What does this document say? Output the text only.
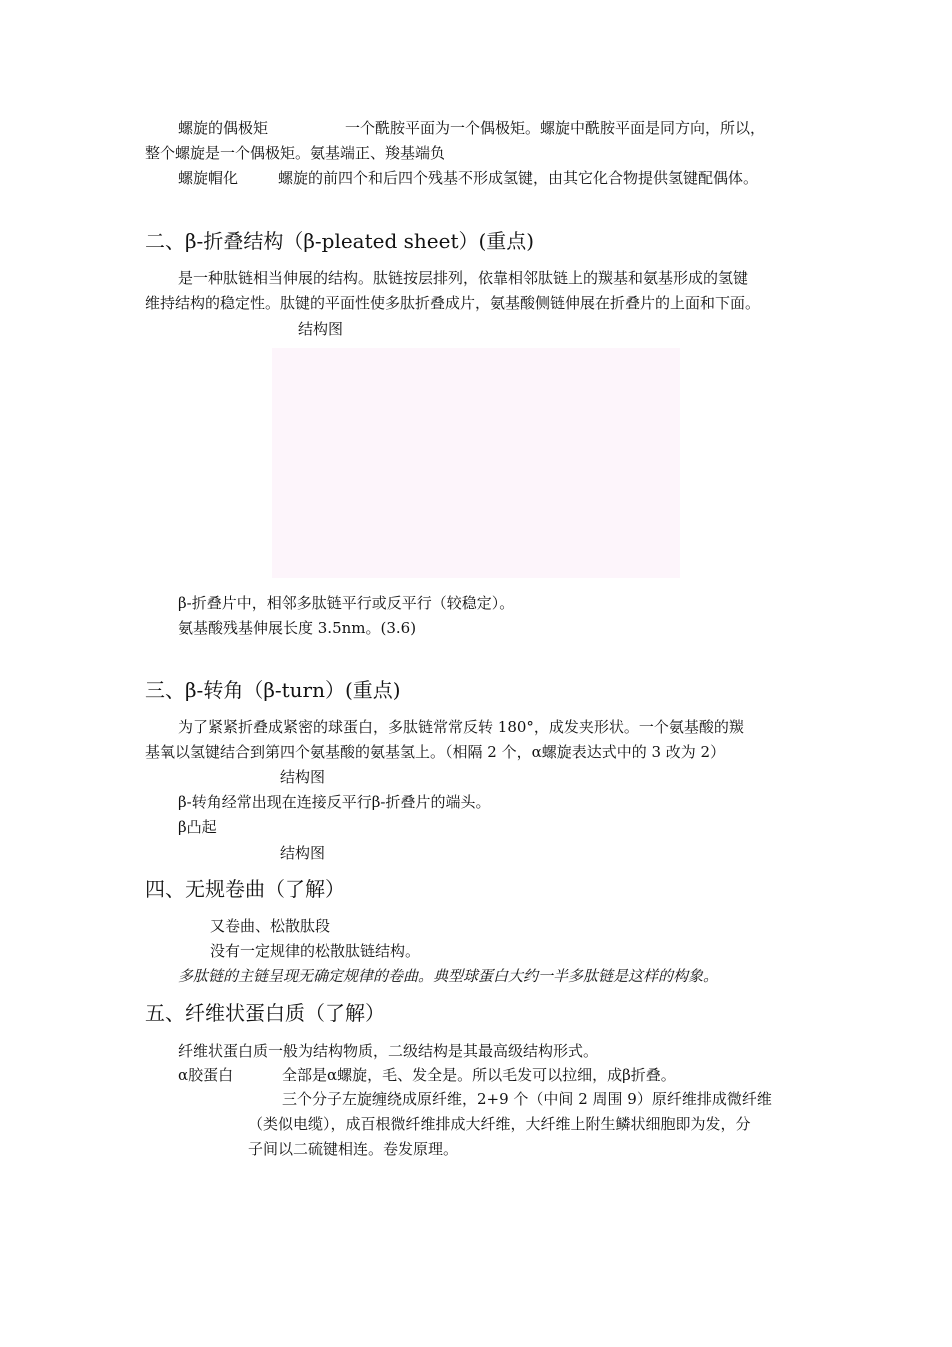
螺旋的偶极矩	一个酰胺平面为一个偶极矩。螺旋中酰胺平面是同方向，所以，
整个螺旋是一个偶极矩。氨基端正、羧基端负
螺旋帽化	螺旋的前四个和后四个残基不形成氢键，由其它化合物提供氢键配偶体。
二、β-折叠结构（β-pleated sheet）(重点)
是一种肽链相当伸展的结构。肽链按层排列，依靠相邻肽链上的羰基和氨基形成的氢键
维持结构的稳定性。肽键的平面性使多肽折叠成片，氨基酸侧链伸展在折叠片的上面和下面。
结构图
β-折叠片中，相邻多肽链平行或反平行（较稳定）。
氨基酸残基伸展长度 3.5nm。(3.6)
三、β-转角（β-turn）(重点)
为了紧紧折叠成紧密的球蛋白，多肽链常常反转 180°，成发夹形状。一个氨基酸的羰
基氧以氢键结合到第四个氨基酸的氨基氢上。（相隔 2 个，α螺旋表达式中的 3 改为 2）
结构图
β-转角经常出现在连接反平行β-折叠片的端头。
β凸起
结构图
四、无规卷曲（了解）
又卷曲、松散肽段
没有一定规律的松散肽链结构。
多肽链的主链呈现无确定规律的卷曲。典型球蛋白大约一半多肽链是这样的构象。
五、纤维状蛋白质（了解）
纤维状蛋白质一般为结构物质，二级结构是其最高级结构形式。
α胶蛋白	全部是α螺旋，毛、发全是。所以毛发可以拉细，成β折叠。
三个分子左旋缠绕成原纤维，2+9 个（中间 2 周围 9）原纤维排成微纤维
（类似电缆），成百根微纤维排成大纤维，大纤维上附生鳞状细胞即为发，分
子间以二硫键相连。卷发原理。
